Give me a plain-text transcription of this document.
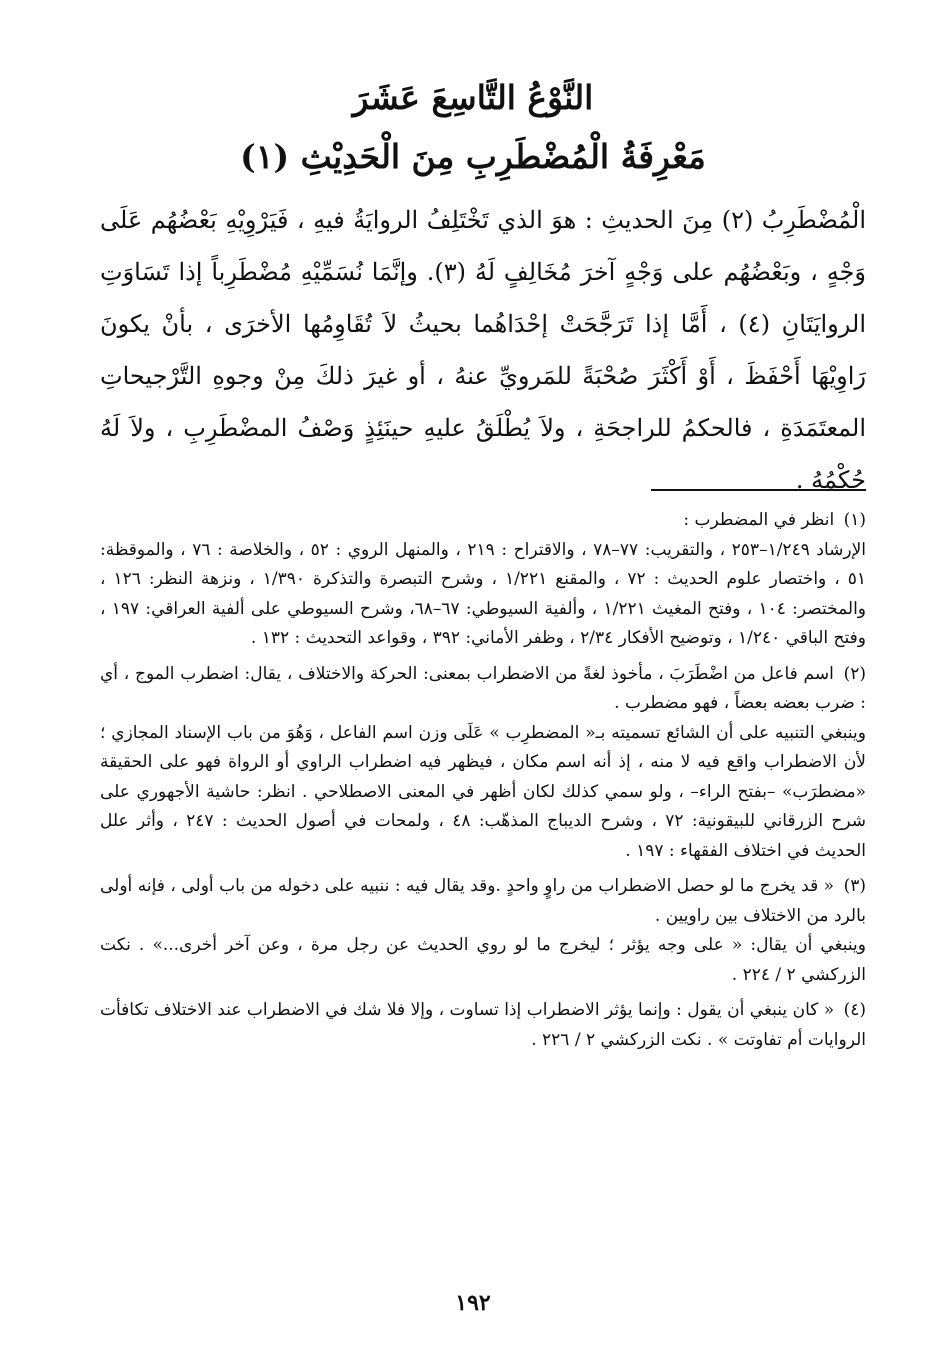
النَّوْعُ التَّاسِعَ عَشَرَ
مَعْرِفَةُ الْمُضْطَرِبِ مِنَ الْحَدِيْثِ (١)

الْمُضْطَرِبُ (٢) مِنَ الحديثِ : هوَ الذي تَخْتَلِفُ الروايَةُ فيهِ ، فَيَرْوِيْهِ بَعْضُهُم عَلَى وَجْهٍ ، وبَعْضُهُم على وَجْهٍ آخرَ مُخَالِفٍ لَهُ (٣). وإنَّمَا نُسَمِّيْهِ مُضْطَرِباً إذا تَسَاوَتِ الروايَتَانِ (٤) ، أَمَّا إذا تَرَجَّحَتْ إحْدَاهُما بحيثُ لاَ تُقَاوِمُها الأخرَى ، بأنْ يكونَ رَاوِيْهَا أَحْفَظَ ، أَوْ أَكْثَرَ صُحْبَةً للمَرويِّ عنهُ ، أو غيرَ ذلكَ مِنْ وجوهِ التَّرْجيحاتِ المعتَمَدَةِ ، فالحكمُ للراجحَةِ ، ولاَ يُطْلَقُ عليهِ حينَئِذٍ وَصْفُ المضْطَرِبِ ، ولاَ لَهُ حُكْمُهُ .

(١) انظر في المضطرب :

الإرشاد ١/٢٤٩–٢٥٣ ، والتقريب: ٧٧–٧٨ ، والاقتراح : ٢١٩ ، والمنهل الروي : ٥٢ ، والخلاصة : ٧٦ ، والموقظة: ٥١ ، واختصار علوم الحديث : ٧٢ ، والمقنع ١/٢٢١ ، وشرح التبصرة والتذكرة ١/٣٩٠ ، ونزهة النظر: ١٢٦ ، والمختصر: ١٠٤ ، وفتح المغيث ١/٢٢١ ، وألفية السيوطي: ٦٧–٦٨، وشرح السيوطي على ألفية العراقي: ١٩٧ ، وفتح الباقي ١/٢٤٠ ، وتوضيح الأفكار ٢/٣٤ ، وظفر الأماني: ٣٩٢ ، وقواعد التحديث : ١٣٢ .

(٢) اسم فاعل من اضْطَرَبَ ، مأخوذ لغةً من الاضطراب بمعنى: الحركة والاختلاف ، يقال: اضطرب الموج ، أي : ضرب بعضه بعضاً ، فهو مضطرب .

وينبغي التنبيه على أن الشائع تسميته بـ« المضطرِب » عَلَى وزن اسم الفاعل ، وَهُوَ من باب الإسناد المجازي ؛ لأن الاضطراب واقع فيه لا منه ، إذ أنه اسم مكان ، فيظهر فيه اضطراب الراوي أو الرواة فهو على الحقيقة «مضطرَب» –بفتح الراء– ، ولو سمي كذلك لكان أظهر في المعنى الاصطلاحي . انظر: حاشية الأجهوري على شرح الزرقاني للبيقونية: ٧٢ ، وشرح الديباج المذهّب: ٤٨ ، ولمحات في أصول الحديث : ٢٤٧ ، وأثر علل الحديث في اختلاف الفقهاء : ١٩٧ .

(٣) « قد يخرج ما لو حصل الاضطراب من راوٍ واحدٍ .وقد يقال فيه : ننبيه على دخوله من باب أولى ، فإنه أولى بالرد من الاختلاف بين راويين .

وينبغي أن يقال: « على وجه يؤثر ؛ ليخرج ما لو روي الحديث عن رجل مرة ، وعن آخر أخرى...» . نكت الزركشي ٢ / ٢٢٤ .

(٤) « كان ينبغي أن يقول : وإنما يؤثر الاضطراب إذا تساوت ، وإلا فلا شك في الاضطراب عند الاختلاف تكافأت الروايات أم تفاوتت » . نكت الزركشي ٢ / ٢٢٦ .

١٩٢
